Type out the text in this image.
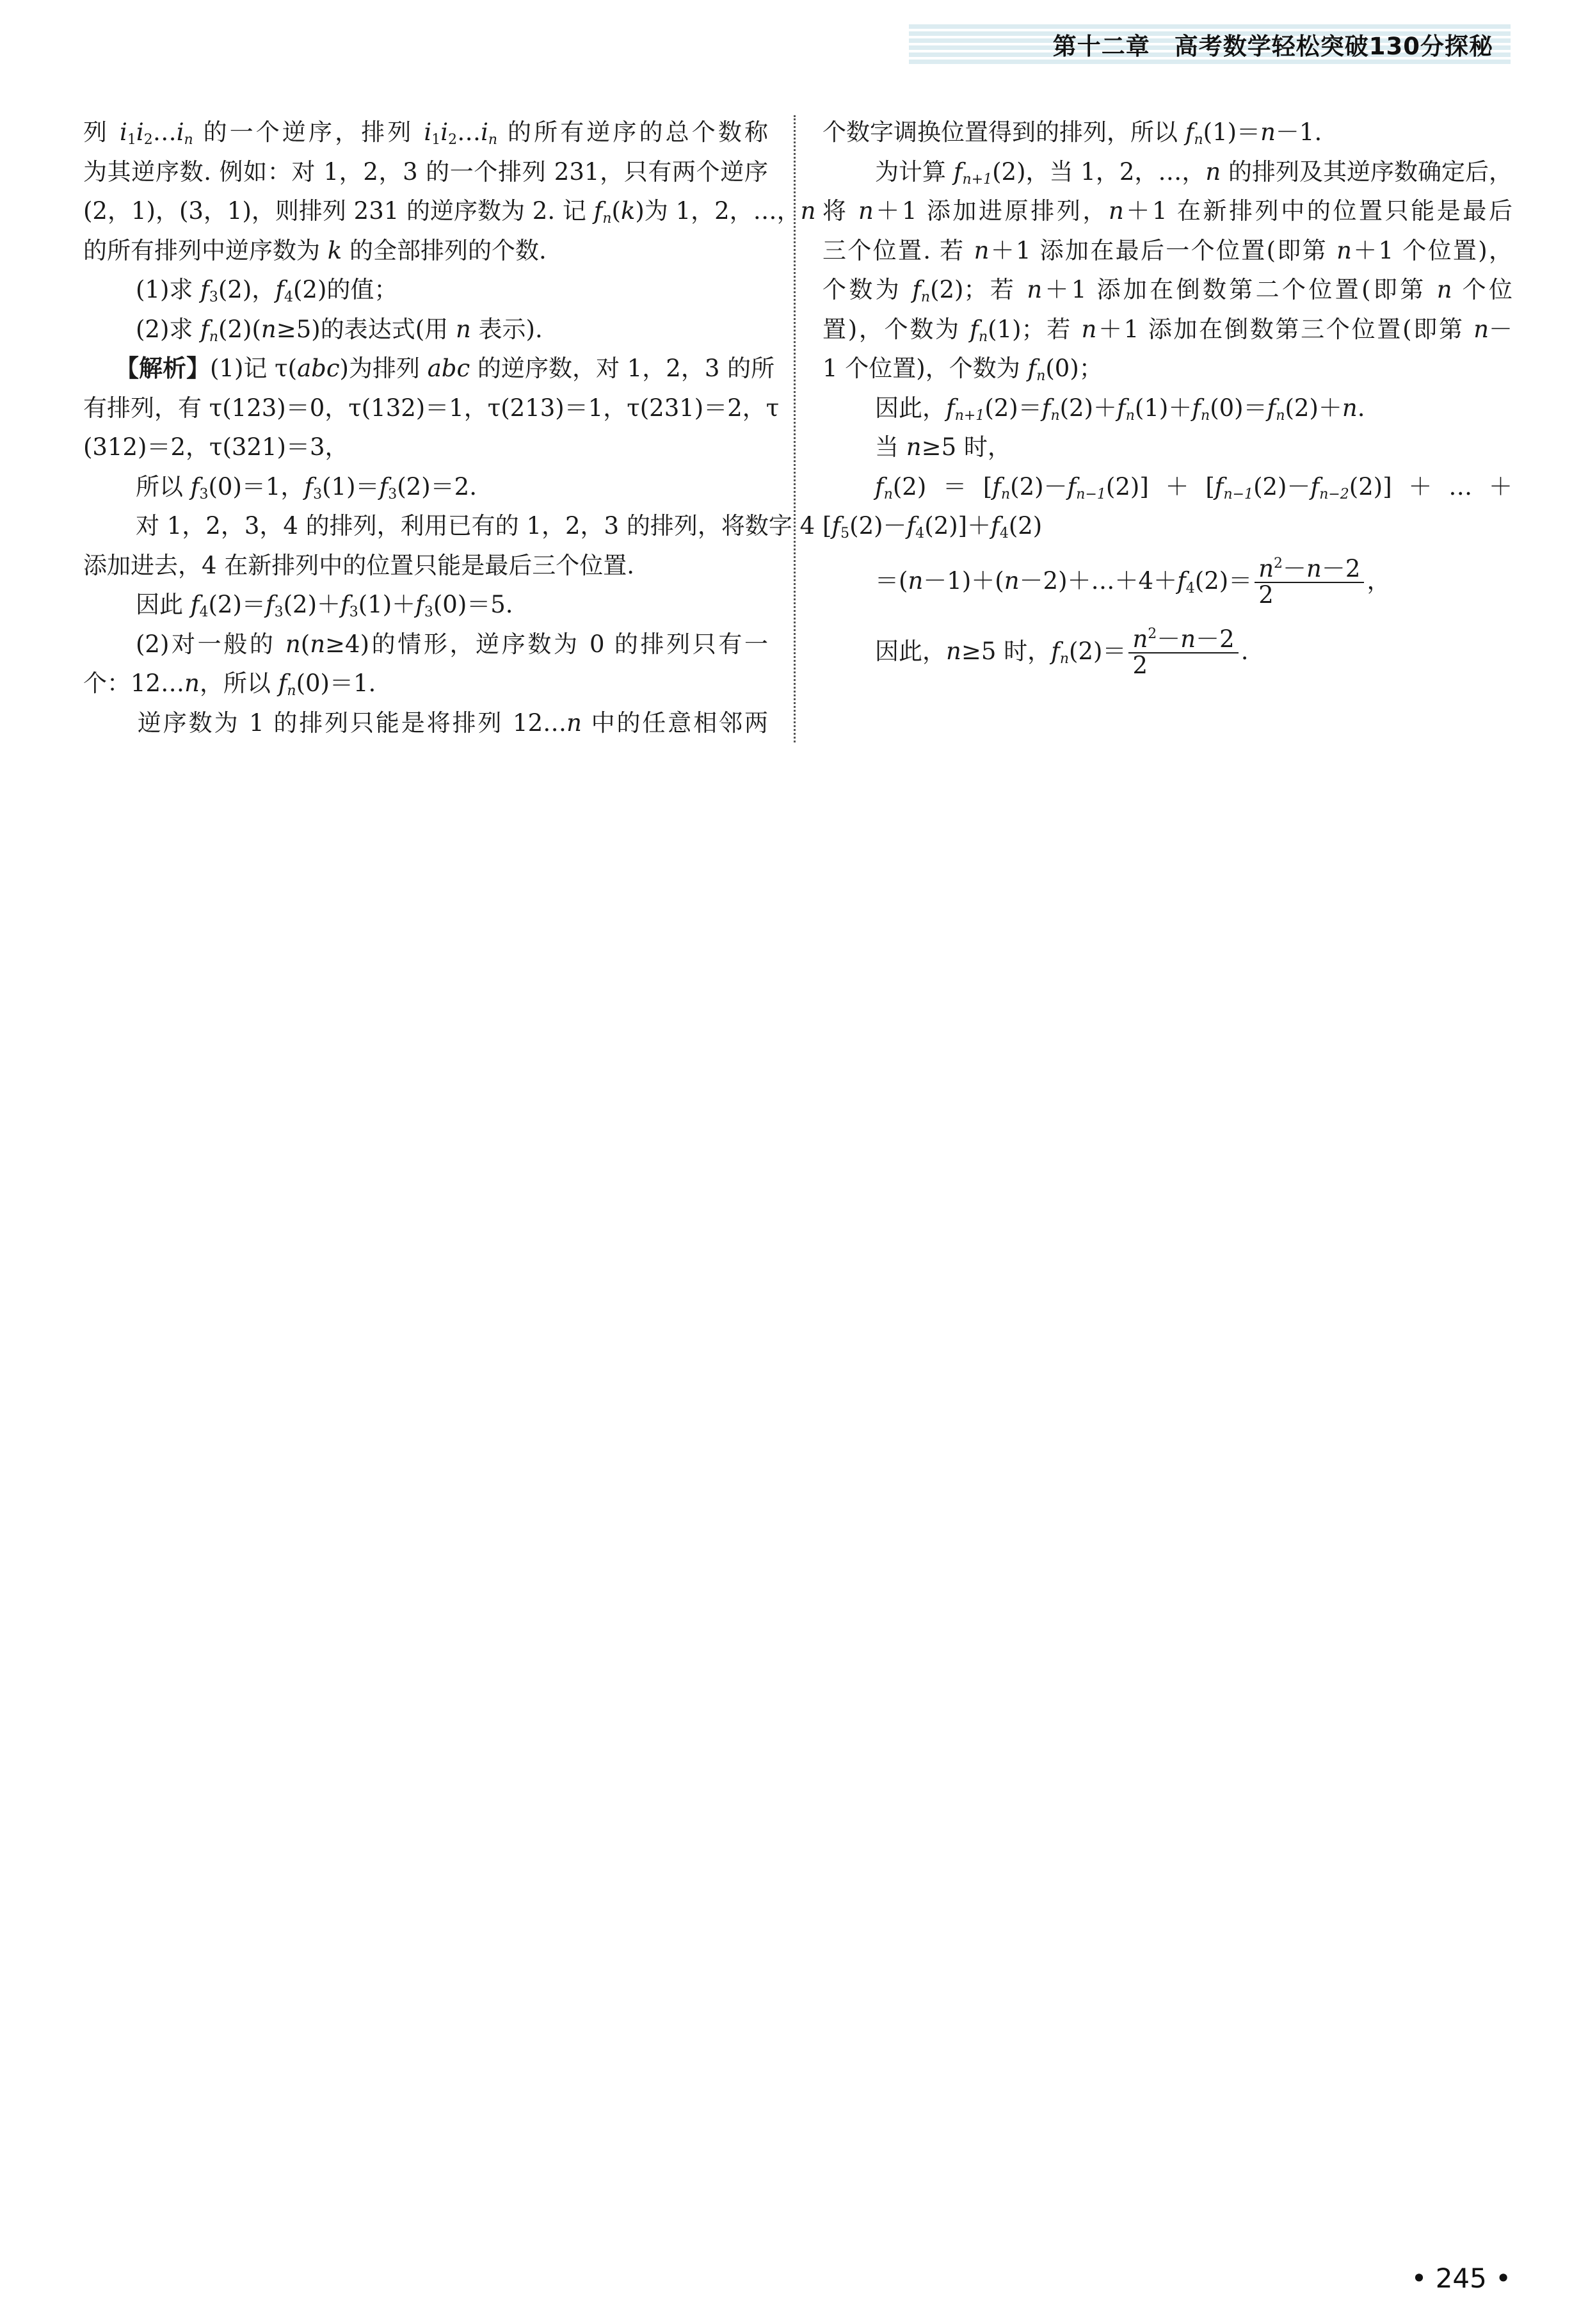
第十二章 高考数学轻松突破130分探秘
列 $i_1i_2\dots i_n$ 的一个逆序，排列 $i_1i_2\dots i_n$ 的所有逆序的总个数称
为其逆序数. 例如：对 1，2，3 的一个排列 231，只有两个逆序
(2，1)，(3，1)，则排列 231 的逆序数为 2. 记 $f_n(k)$为 1，2，…，n
的所有排列中逆序数为 k 的全部排列的个数.
(1)求 $f_3(2)$，$f_4(2)$的值；
(2)求 $f_n(2)(n\ge 5)$的表达式(用 n 表示).
【解析】(1)记 τ(abc)为排列 abc 的逆序数，对 1，2，3 的所
有排列，有 τ(123)＝0，τ(132)＝1，τ(213)＝1，τ(231)＝2，τ
(312)＝2，τ(321)＝3，
所以 $f_3(0)=1$，$f_3(1)=f_3(2)=2$.
对 1，2，3，4 的排列，利用已有的 1，2，3 的排列，将数字 4
添加进去，4 在新排列中的位置只能是最后三个位置.
因此 $f_4(2)=f_3(2)+f_3(1)+f_3(0)=5$.
(2)对一般的 n(n≥4)的情形，逆序数为 0 的排列只有一
个：12…n，所以 $f_n(0)=1$.
逆序数为 1 的排列只能是将排列 12…n 中的任意相邻两
个数字调换位置得到的排列，所以 $f_n(1)=n-1$.
为计算 $f_{n+1}(2)$，当 1，2，…，n 的排列及其逆序数确定后，
将 n＋1 添加进原排列，n＋1 在新排列中的位置只能是最后
三个位置. 若 n＋1 添加在最后一个位置(即第 n＋1 个位置)，
个数为 $f_n(2)$；若 n＋1 添加在倒数第二个位置(即第 n 个位
置)，个数为 $f_n(1)$；若 n＋1 添加在倒数第三个位置(即第 n－
1 个位置)，个数为 $f_n(0)$；
因此，$f_{n+1}(2)=f_n(2)+f_n(1)+f_n(0)=f_n(2)+n$.
当 n≥5 时，
$f_n(2)=[f_n(2)-f_{n-1}(2)]+[f_{n-1}(2)-f_{n-2}(2)]+\dots+$
$[f_5(2)-f_4(2)]+f_4(2)$
$=(n-1)+(n-2)+\dots+4+f_4(2)= \frac{n^2-n-2}{2}$ ，
因此，n≥5 时，$f_n(2)= \frac{n^2-n-2}{2}$ .
• 245 •
